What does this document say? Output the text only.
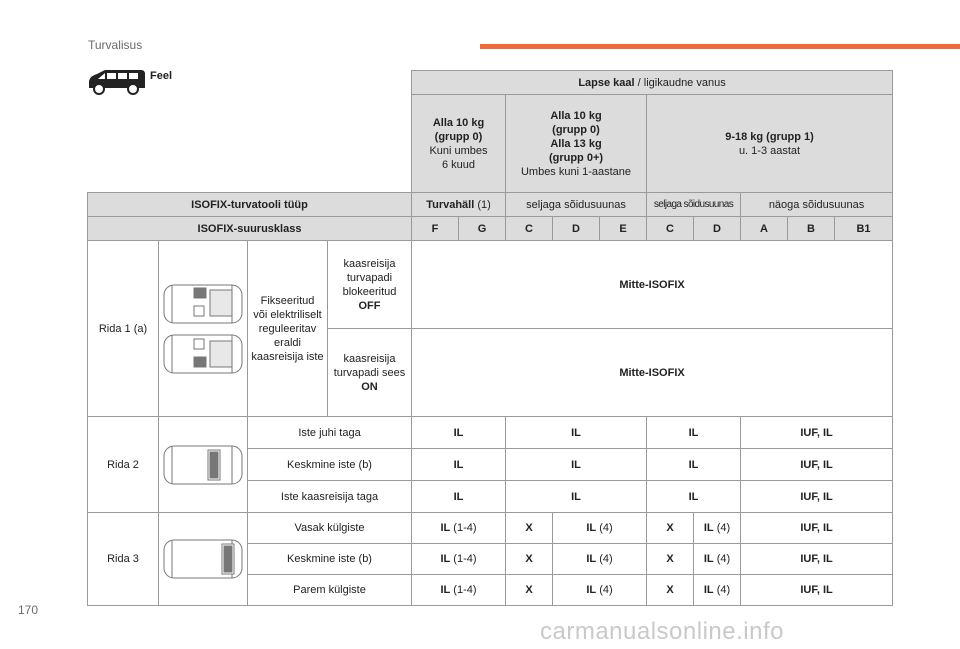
Turvalisus
Feel
				Lapse kaal / ligikaudne vanus									
				Alla 10 kg
(grupp 0)
Kuni umbes
6 kuud		Alla 10 kg
(grupp 0)
Alla 13 kg
(grupp 0+)
Umbes kuni 1-aastane			9-18 kg (grupp 1)
u. 1-3 aastat				
ISOFIX-turvatooli tüüp				Turvahäll (1)		seljaga sõidusuunas			seljaga sõidusuunas		näoga sõidusuunas		
ISOFIX-suurusklass				F	G	C	D	E	C	D	A	B	B1
Rida 1 (a)		Fikseeritud
või elektriliselt
reguleeritav
eraldi
kaasreisija iste	kaasreisija
turvapadi
blokeeritud
OFF	Mitte-ISOFIX									
			kaasreisija
turvapadi sees
ON	Mitte-ISOFIX									
Rida 2		Iste juhi taga		IL		IL			IL		IUF, IL		
		Keskmine iste (b)		IL		IL			IL		IUF, IL		
		Iste kaasreisija taga		IL		IL			IL		IUF, IL		
Rida 3		Vasak külgiste		IL (1-4)		X	IL (4)		X	IL (4)	IUF, IL		
		Keskmine iste (b)		IL (1-4)		X	IL (4)		X	IL (4)	IUF, IL		
		Parem külgiste		IL (1-4)		X	IL (4)		X	IL (4)	IUF, IL		
170
carmanualsonline.info
